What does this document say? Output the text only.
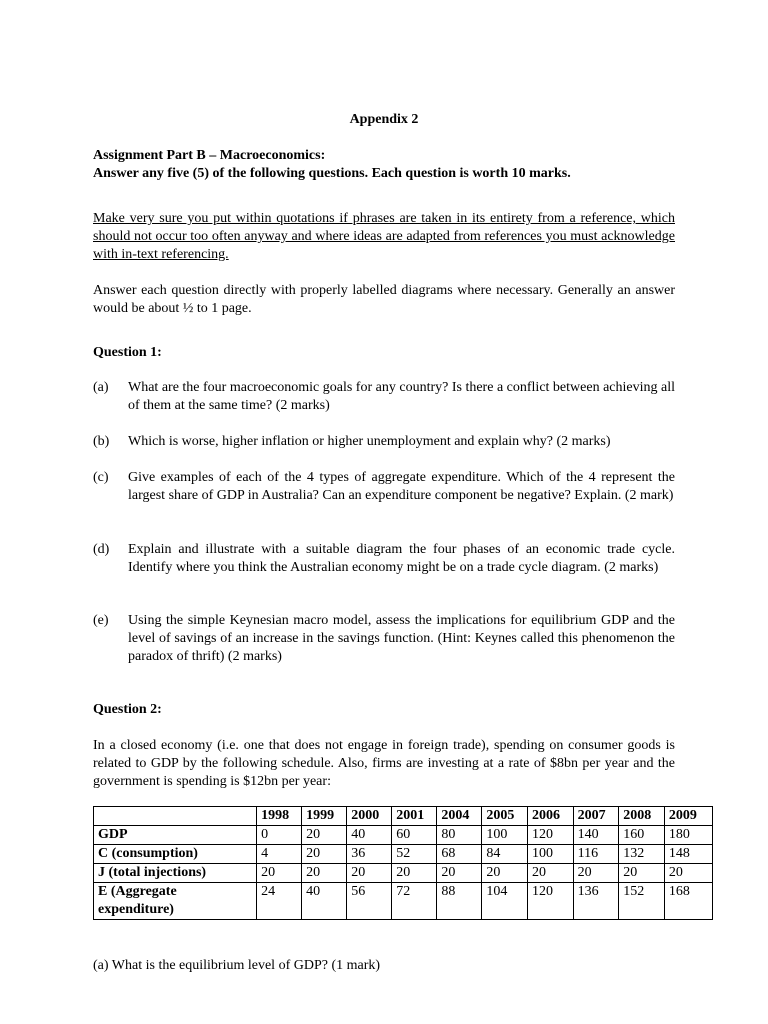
Appendix 2
Assignment Part B – Macroeconomics:
Answer any five (5) of the following questions. Each question is worth 10 marks.
Make very sure you put within quotations if phrases are taken in its entirety from a reference, which should not occur too often anyway and where ideas are adapted from references you must acknowledge with in-text referencing.
Answer each question directly with properly labelled diagrams where necessary. Generally an answer would be about ½ to 1 page.
Question 1:
(a)	What are the four macroeconomic goals for any country? Is there a conflict between achieving all of them at the same time? (2 marks)
(b)	Which is worse, higher inflation or higher unemployment and explain why? (2 marks)
(c)	Give examples of each of the 4 types of aggregate expenditure. Which of the 4 represent the largest share of GDP in Australia? Can an expenditure component be negative? Explain. (2 mark)
(d)	Explain and illustrate with a suitable diagram the four phases of an economic trade cycle. Identify where you think the Australian economy might be on a trade cycle diagram. (2 marks)
(e)	Using the simple Keynesian macro model, assess the implications for equilibrium GDP and the level of savings of an increase in the savings function. (Hint: Keynes called this phenomenon the paradox of thrift) (2 marks)
Question 2:
In a closed economy (i.e. one that does not engage in foreign trade), spending on consumer goods is related to GDP by the following schedule. Also, firms are investing at a rate of $8bn per year and the government is spending is $12bn per year:
	1998	1999	2000	2001	2004	2005	2006	2007	2008	2009
GDP	0	20	40	60	80	100	120	140	160	180
C (consumption)	4	20	36	52	68	84	100	116	132	148
J (total injections)	20	20	20	20	20	20	20	20	20	20
E (Aggregate expenditure)	24	40	56	72	88	104	120	136	152	168
(a) What is the equilibrium level of GDP? (1 mark)
